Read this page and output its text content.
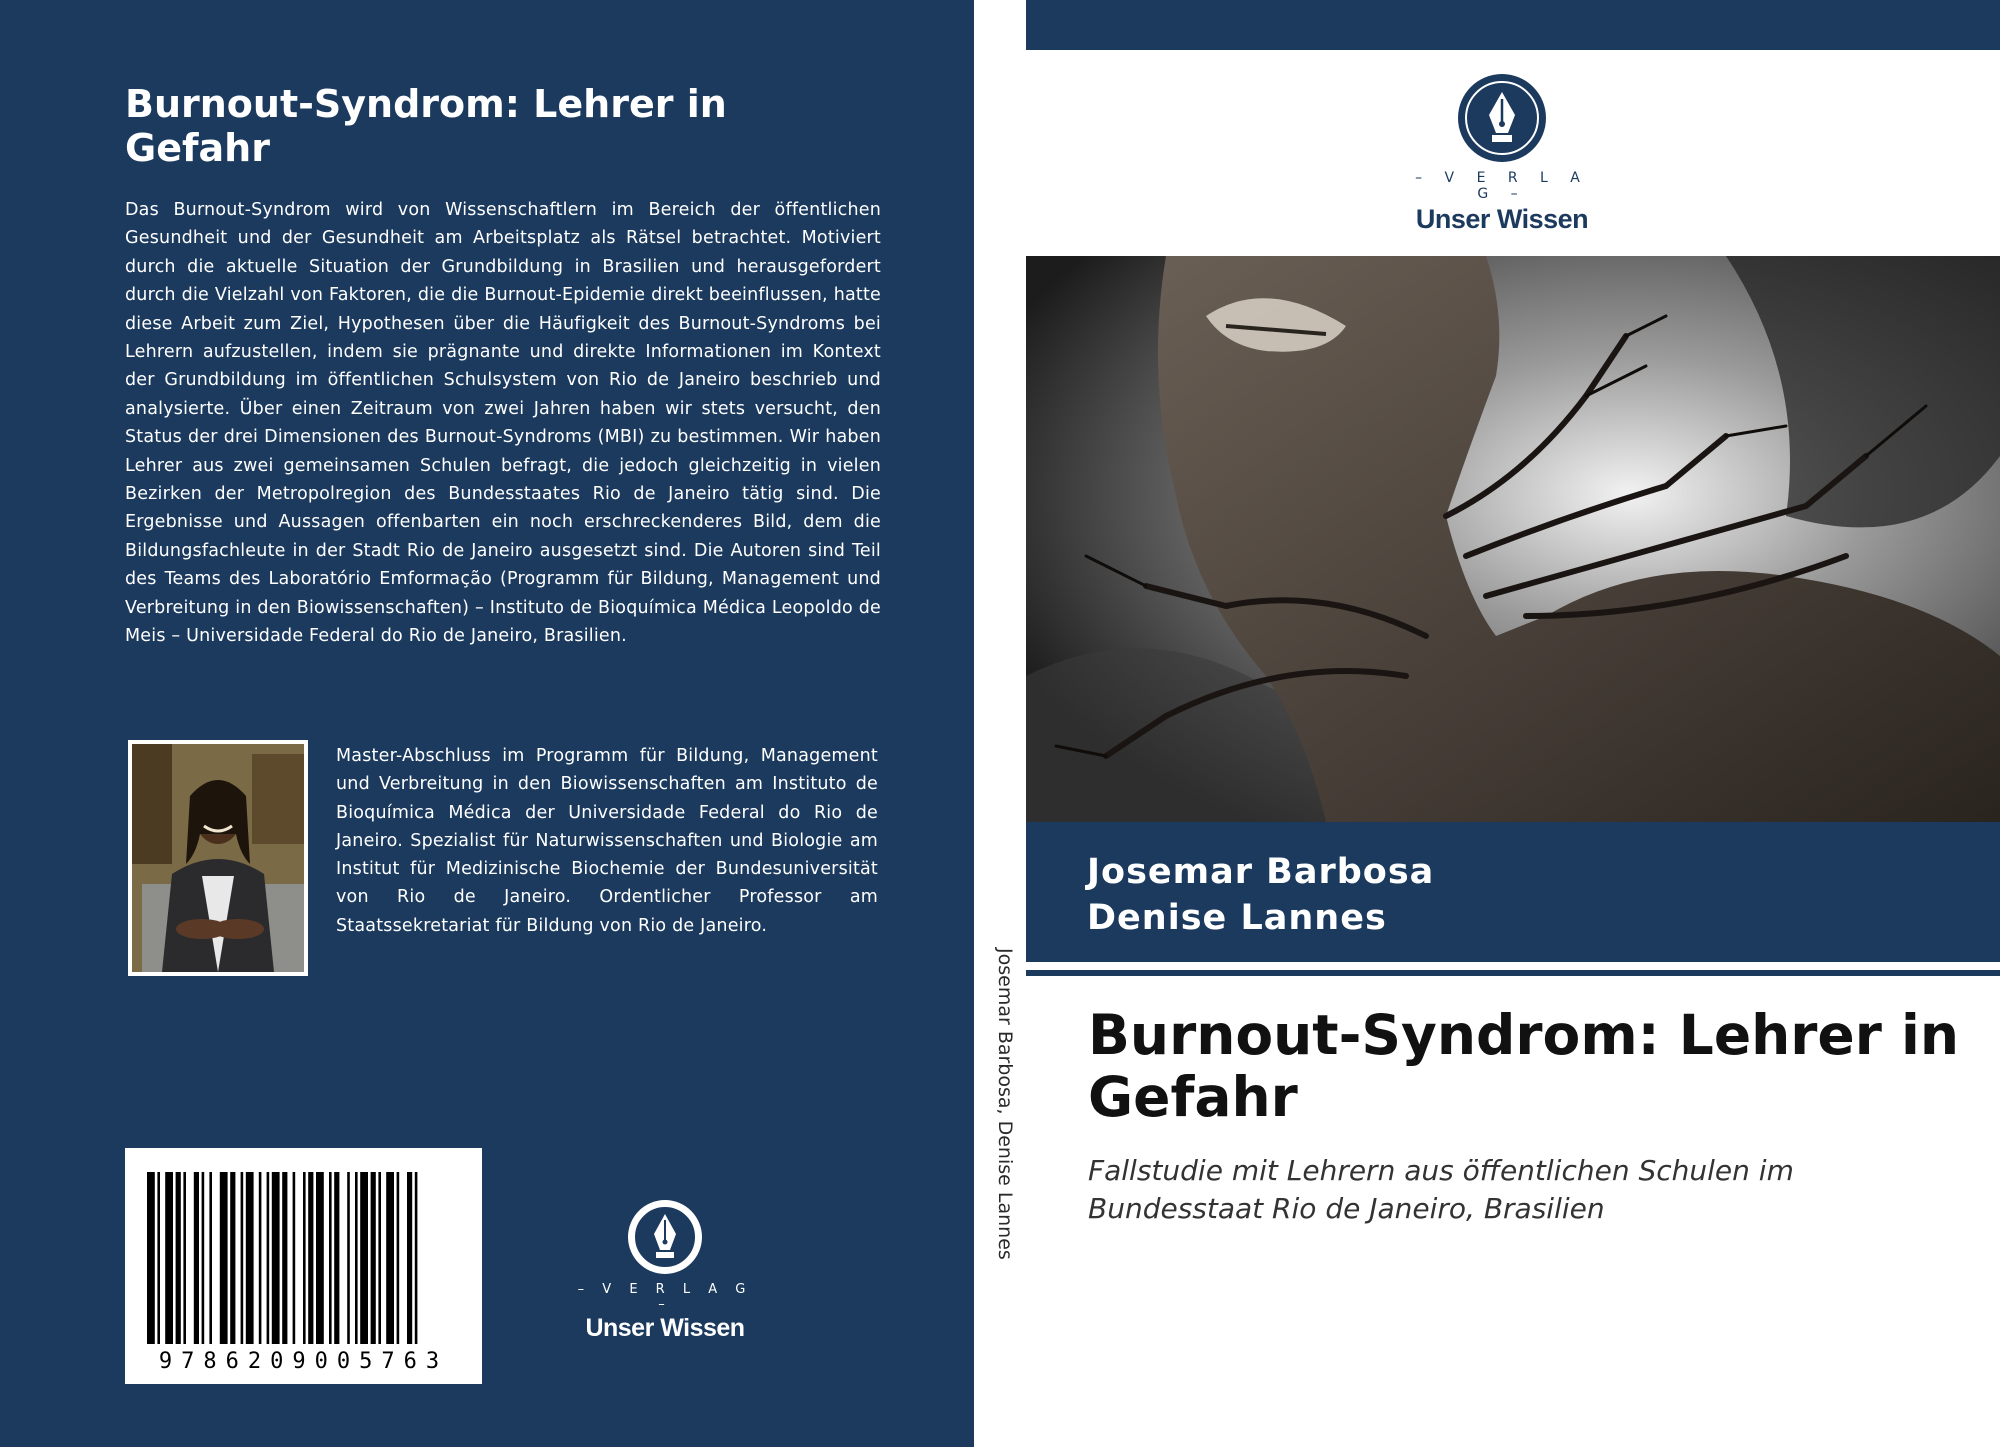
Burnout-Syndrom: Lehrer in Gefahr

Das Burnout-Syndrom wird von Wissenschaftlern im Bereich der öffentlichen Gesundheit und der Gesundheit am Arbeitsplatz als Rätsel betrachtet. Motiviert durch die aktuelle Situation der Grundbildung in Brasilien und herausgefordert durch die Vielzahl von Faktoren, die die Burnout-Epidemie direkt beeinflussen, hatte diese Arbeit zum Ziel, Hypothesen über die Häufigkeit des Burnout-Syndroms bei Lehrern aufzustellen, indem sie prägnante und direkte Informationen im Kontext der Grundbildung im öffentlichen Schulsystem von Rio de Janeiro beschrieb und analysierte. Über einen Zeitraum von zwei Jahren haben wir stets versucht, den Status der drei Dimensionen des Burnout-Syndroms (MBI) zu bestimmen. Wir haben Lehrer aus zwei gemeinsamen Schulen befragt, die jedoch gleichzeitig in vielen Bezirken der Metropolregion des Bundesstaates Rio de Janeiro tätig sind. Die Ergebnisse und Aussagen offenbarten ein noch erschreckenderes Bild, dem die Bildungsfachleute in der Stadt Rio de Janeiro ausgesetzt sind. Die Autoren sind Teil des Teams des Laboratório Emformação (Programm für Bildung, Management und Verbreitung in den Biowissenschaften) – Instituto de Bioquímica Médica Leopoldo de Meis – Universidade Federal do Rio de Janeiro, Brasilien.

Master-Abschluss im Programm für Bildung, Management und Verbreitung in den Biowissenschaften am Instituto de Bioquímica Médica der Universidade Federal do Rio de Janeiro. Spezialist für Naturwissenschaften und Biologie am Institut für Medizinische Biochemie der Bundesuniversität von Rio de Janeiro. Ordentlicher Professor am Staatssekretariat für Bildung von Rio de Janeiro.

9786209005763
– V E R L A G –
Unser Wissen
Josemar Barbosa, Denise Lannes
– V E R L A G –
Unser Wissen
Josemar Barbosa
Denise Lannes
Burnout-Syndrom: Lehrer in Gefahr

Fallstudie mit Lehrern aus öffentlichen Schulen im Bundesstaat Rio de Janeiro, Brasilien
